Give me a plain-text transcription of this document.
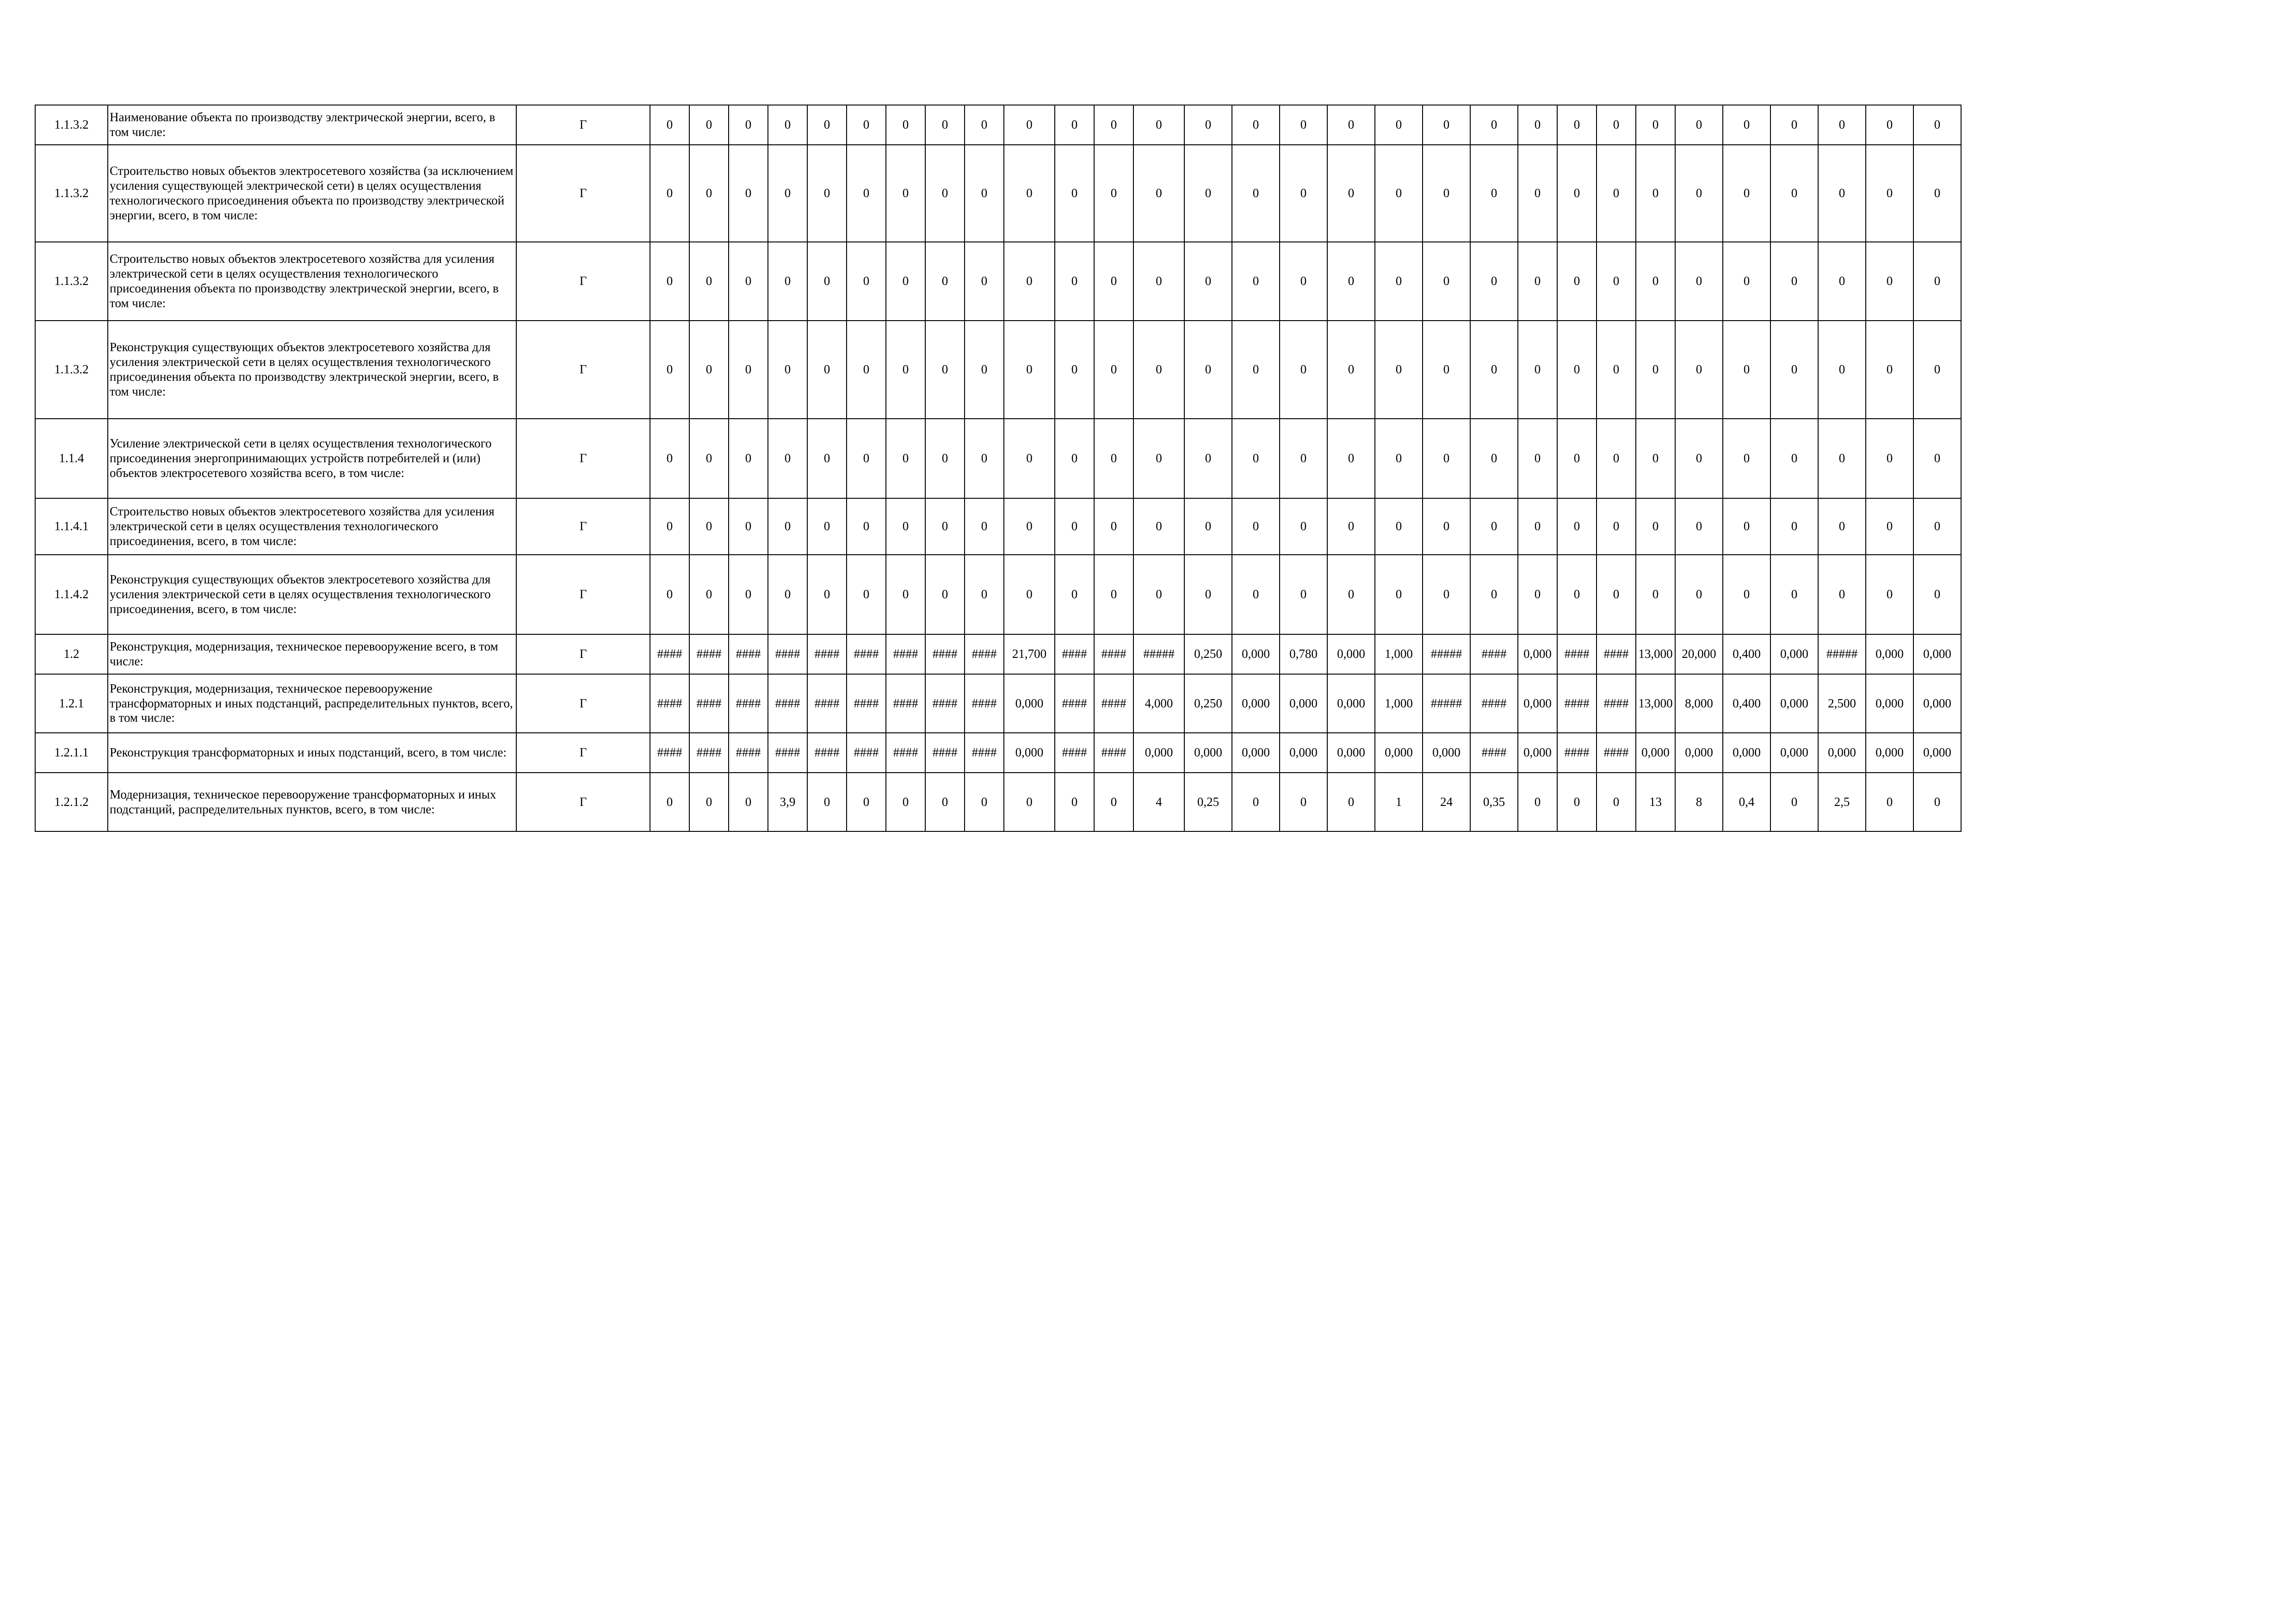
1.1.3.2	Наименование объекта по производству электрической энергии, всего, в том числе:	Г	0	0	0	0	0	0	0	0	0	0	0	0	0	0	0	0	0	0	0	0	0	0	0	0	0	0	0	0	0	0
1.1.3.2	Строительство новых объектов электросетевого хозяйства (за исключением усиления существующей электрической сети) в целях осуществления технологического присоединения объекта по производству электрической энергии, всего, в том числе:	Г	0	0	0	0	0	0	0	0	0	0	0	0	0	0	0	0	0	0	0	0	0	0	0	0	0	0	0	0	0	0
1.1.3.2	Строительство новых объектов электросетевого хозяйства для усиления электрической сети в целях осуществления технологического присоединения объекта по производству электрической энергии, всего, в том числе:	Г	0	0	0	0	0	0	0	0	0	0	0	0	0	0	0	0	0	0	0	0	0	0	0	0	0	0	0	0	0	0
1.1.3.2	Реконструкция существующих объектов электросетевого хозяйства для усиления электрической сети в целях осуществления технологического присоединения объекта по производству электрической энергии, всего, в том числе:	Г	0	0	0	0	0	0	0	0	0	0	0	0	0	0	0	0	0	0	0	0	0	0	0	0	0	0	0	0	0	0
1.1.4	Усиление электрической сети в целях осуществления технологического присоединения энергопринимающих устройств потребителей и (или) объектов электросетевого хозяйства всего, в том числе:	Г	0	0	0	0	0	0	0	0	0	0	0	0	0	0	0	0	0	0	0	0	0	0	0	0	0	0	0	0	0	0
1.1.4.1	Строительство новых объектов электросетевого хозяйства для усиления электрической сети в целях осуществления технологического присоединения, всего, в том числе:	Г	0	0	0	0	0	0	0	0	0	0	0	0	0	0	0	0	0	0	0	0	0	0	0	0	0	0	0	0	0	0
1.1.4.2	Реконструкция существующих объектов электросетевого хозяйства для усиления электрической сети в целях осуществления технологического присоединения, всего, в том числе:	Г	0	0	0	0	0	0	0	0	0	0	0	0	0	0	0	0	0	0	0	0	0	0	0	0	0	0	0	0	0	0
1.2	Реконструкция, модернизация, техническое перевооружение всего, в том числе:	Г	####	####	####	####	####	####	####	####	####	21,700	####	####	#####	0,250	0,000	0,780	0,000	1,000	#####	####	0,000	####	####	13,000	20,000	0,400	0,000	#####	0,000	0,000
1.2.1	Реконструкция, модернизация, техническое перевооружение трансформаторных и иных подстанций, распределительных пунктов, всего, в том числе:	Г	####	####	####	####	####	####	####	####	####	0,000	####	####	4,000	0,250	0,000	0,000	0,000	1,000	#####	####	0,000	####	####	13,000	8,000	0,400	0,000	2,500	0,000	0,000
1.2.1.1	Реконструкция трансформаторных и иных подстанций, всего, в том числе:	Г	####	####	####	####	####	####	####	####	####	0,000	####	####	0,000	0,000	0,000	0,000	0,000	0,000	0,000	####	0,000	####	####	0,000	0,000	0,000	0,000	0,000	0,000	0,000
1.2.1.2	Модернизация, техническое перевооружение трансформаторных и иных подстанций, распределительных пунктов, всего, в том числе:	Г	0	0	0	3,9	0	0	0	0	0	0	0	0	4	0,25	0	0	0	1	24	0,35	0	0	0	13	8	0,4	0	2,5	0	0
